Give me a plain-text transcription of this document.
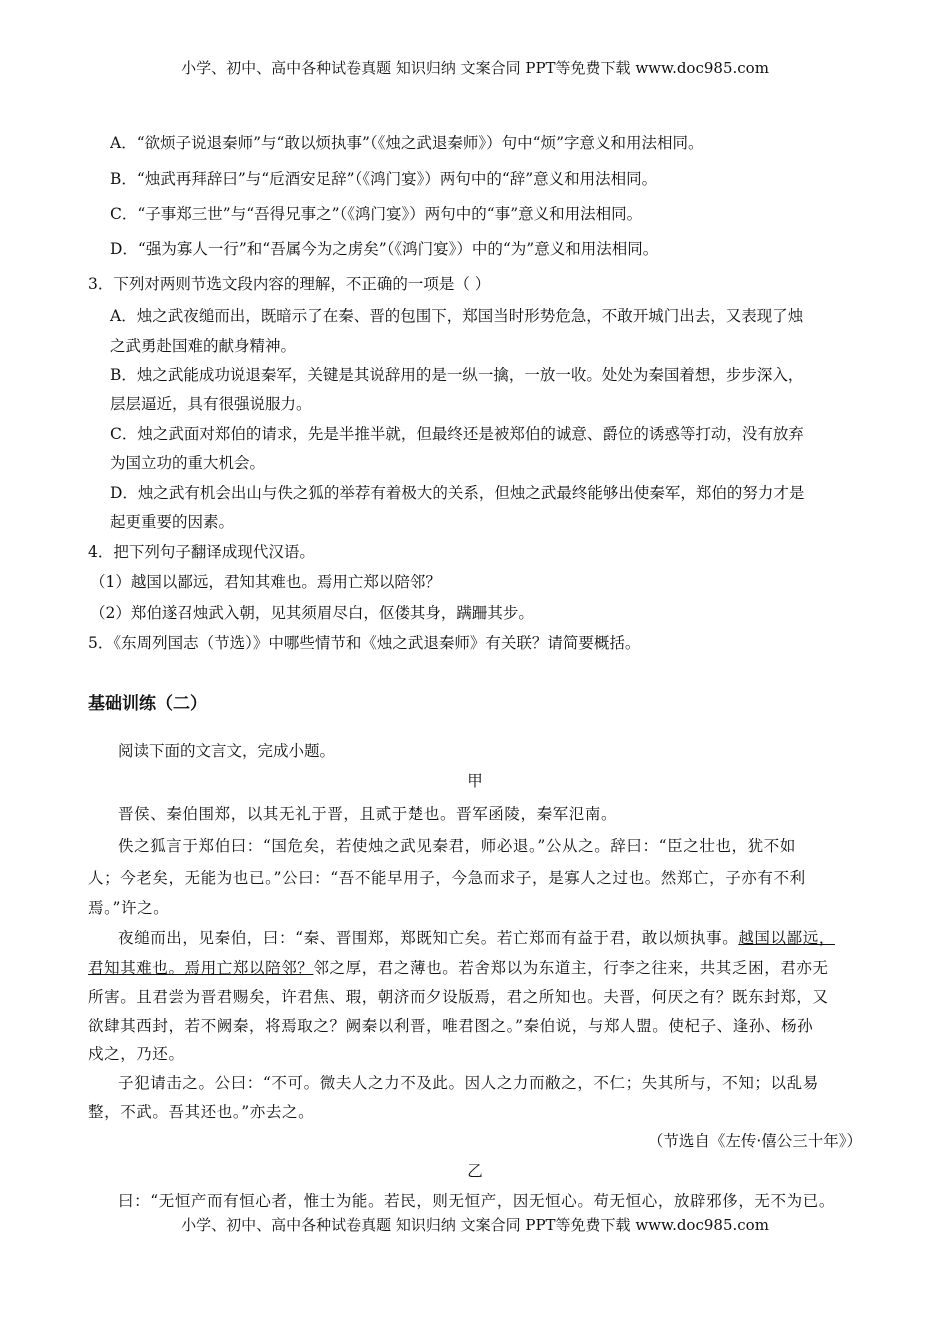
小学、初中、高中各种试卷真题 知识归纳 文案合同 PPT等免费下载 www.doc985.com
A．“欲烦子说退秦师”与“敢以烦执事”（《烛之武退秦师》）句中“烦”字意义和用法相同。
B．“烛武再拜辞曰”与“卮酒安足辞”（《鸿门宴》）两句中的“辞”意义和用法相同。
C．“子事郑三世”与“吾得兄事之”（《鸿门宴》）两句中的“事”意义和用法相同。
D．“强为寡人一行”和“吾属今为之虏矣”（《鸿门宴》）中的“为”意义和用法相同。
3．下列对两则节选文段内容的理解，不正确的一项是（ ）
A．烛之武夜缒而出，既暗示了在秦、晋的包围下，郑国当时形势危急，不敢开城门出去，又表现了烛
之武勇赴国难的献身精神。
B．烛之武能成功说退秦军，关键是其说辞用的是一纵一擒，一放一收。处处为秦国着想，步步深入，
层层逼近，具有很强说服力。
C．烛之武面对郑伯的请求，先是半推半就，但最终还是被郑伯的诚意、爵位的诱惑等打动，没有放弃
为国立功的重大机会。
D．烛之武有机会出山与佚之狐的举荐有着极大的关系，但烛之武最终能够出使秦军，郑伯的努力才是
起更重要的因素。
4．把下列句子翻译成现代汉语。
（1）越国以鄙远，君知其难也。焉用亡郑以陪邻？
（2）郑伯遂召烛武入朝，见其须眉尽白，伛偻其身，蹒跚其步。
5．《东周列国志（节选）》中哪些情节和《烛之武退秦师》有关联？请简要概括。
基础训练（二）
阅读下面的文言文，完成小题。
甲
晋侯、秦伯围郑，以其无礼于晋，且贰于楚也。晋军函陵，秦军氾南。
佚之狐言于郑伯曰：“国危矣，若使烛之武见秦君，师必退。”公从之。辞曰：“臣之壮也，犹不如
人；今老矣，无能为也已。”公曰：“吾不能早用子，今急而求子，是寡人之过也。然郑亡，子亦有不利
焉。”许之。
夜缒而出，见秦伯，曰：“秦、晋围郑，郑既知亡矣。若亡郑而有益于君，敢以烦执事。越国以鄙远，
君知其难也。焉用亡郑以陪邻？邻之厚，君之薄也。若舍郑以为东道主，行李之往来，共其乏困，君亦无
所害。且君尝为晋君赐矣，许君焦、瑕，朝济而夕设版焉，君之所知也。夫晋，何厌之有？既东封郑，又
欲肆其西封，若不阙秦，将焉取之？阙秦以利晋，唯君图之。”秦伯说，与郑人盟。使杞子、逢孙、杨孙
戍之，乃还。
子犯请击之。公曰：“不可。微夫人之力不及此。因人之力而敝之，不仁；失其所与，不知；以乱易
整，不武。吾其还也。”亦去之。
（节选自《左传·僖公三十年》）
乙
曰：“无恒产而有恒心者，惟士为能。若民，则无恒产，因无恒心。苟无恒心，放辟邪侈，无不为已。
小学、初中、高中各种试卷真题 知识归纳 文案合同 PPT等免费下载 www.doc985.com
